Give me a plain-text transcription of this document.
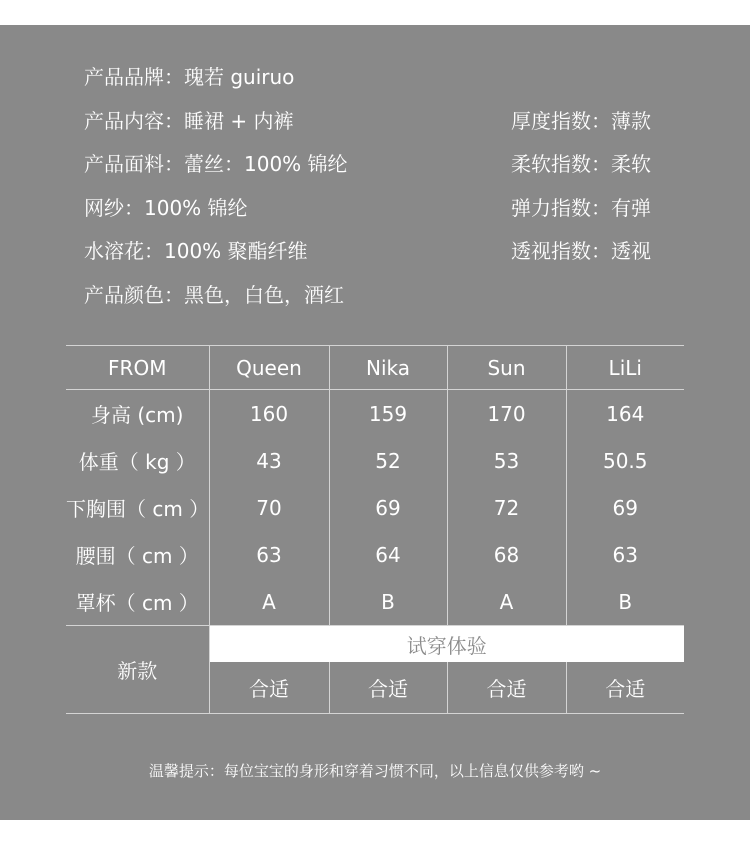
产品品牌：瑰若 guiruo
产品内容：睡裙 + 内裤
产品面料：蕾丝：100% 锦纶
网纱：100% 锦纶
水溶花：100% 聚酯纤维
产品颜色：黑色，白色，酒红
厚度指数：薄款
柔软指数：柔软
弹力指数：有弹
透视指数：透视
FROM	Queen	Nika	Sun	LiLi
身高 (cm)	160	159	170	164
体重（ kg ）	43	52	53	50.5
下胸围（ cm ）	70	69	72	69
腰围（ cm ）	63	64	68	63
罩杯（ cm ）	A	B	A	B
新款	试穿体验			
	合适	合适	合适	合适
温馨提示：每位宝宝的身形和穿着习惯不同，以上信息仅供参考哟 ~
